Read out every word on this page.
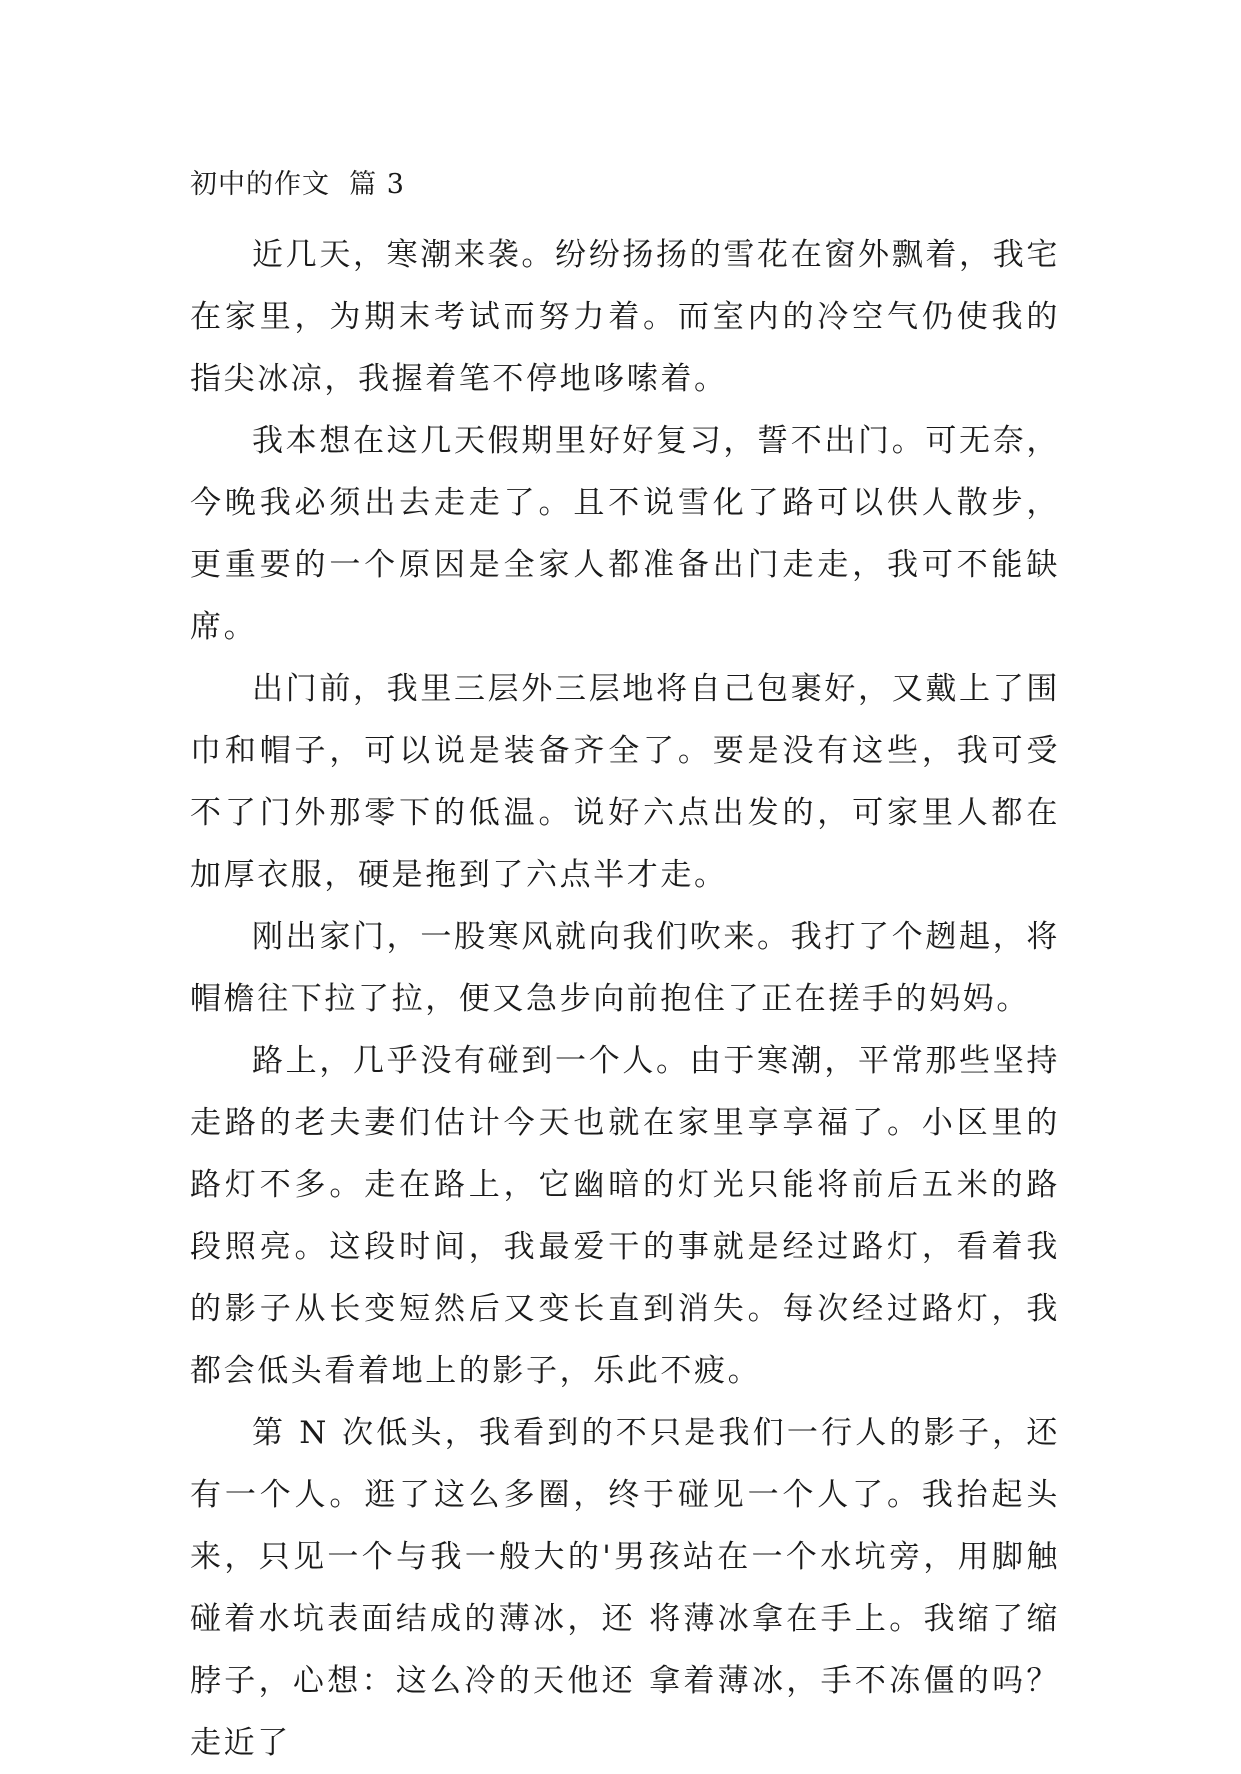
初中的作文  篇 3

近几天，寒潮来袭。纷纷扬扬的雪花在窗外飘着，我宅在家里，为期末考试而努力着。而室内的冷空气仍使我的指尖冰凉，我握着笔不停地哆嗦着。

我本想在这几天假期里好好复习，誓不出门。可无奈，今晚我必须出去走走了。且不说雪化了路可以供人散步，更重要的一个原因是全家人都准备出门走走，我可不能缺席。

出门前，我里三层外三层地将自己包裹好，又戴上了围巾和帽子，可以说是装备齐全了。要是没有这些，我可受不了门外那零下的低温。说好六点出发的，可家里人都在加厚衣服，硬是拖到了六点半才走。

刚出家门，一股寒风就向我们吹来。我打了个趔趄，将帽檐往下拉了拉，便又急步向前抱住了正在搓手的妈妈。

路上，几乎没有碰到一个人。由于寒潮，平常那些坚持走路的老夫妻们估计今天也就在家里享享福了。小区里的路灯不多。走在路上，它幽暗的灯光只能将前后五米的路段照亮。这段时间，我最爱干的事就是经过路灯，看着我的影子从长变短然后又变长直到消失。每次经过路灯，我都会低头看着地上的影子，乐此不疲。

第 N 次低头，我看到的不只是我们一行人的影子，还有一个人。逛了这么多圈，终于碰见一个人了。我抬起头来，只见一个与我一般大的'男孩站在一个水坑旁，用脚触碰着水坑表面结成的薄冰，还 将薄冰拿在手上。我缩了缩脖子，心想：这么冷的天他还 拿着薄冰，手不冻僵的吗？走近了
